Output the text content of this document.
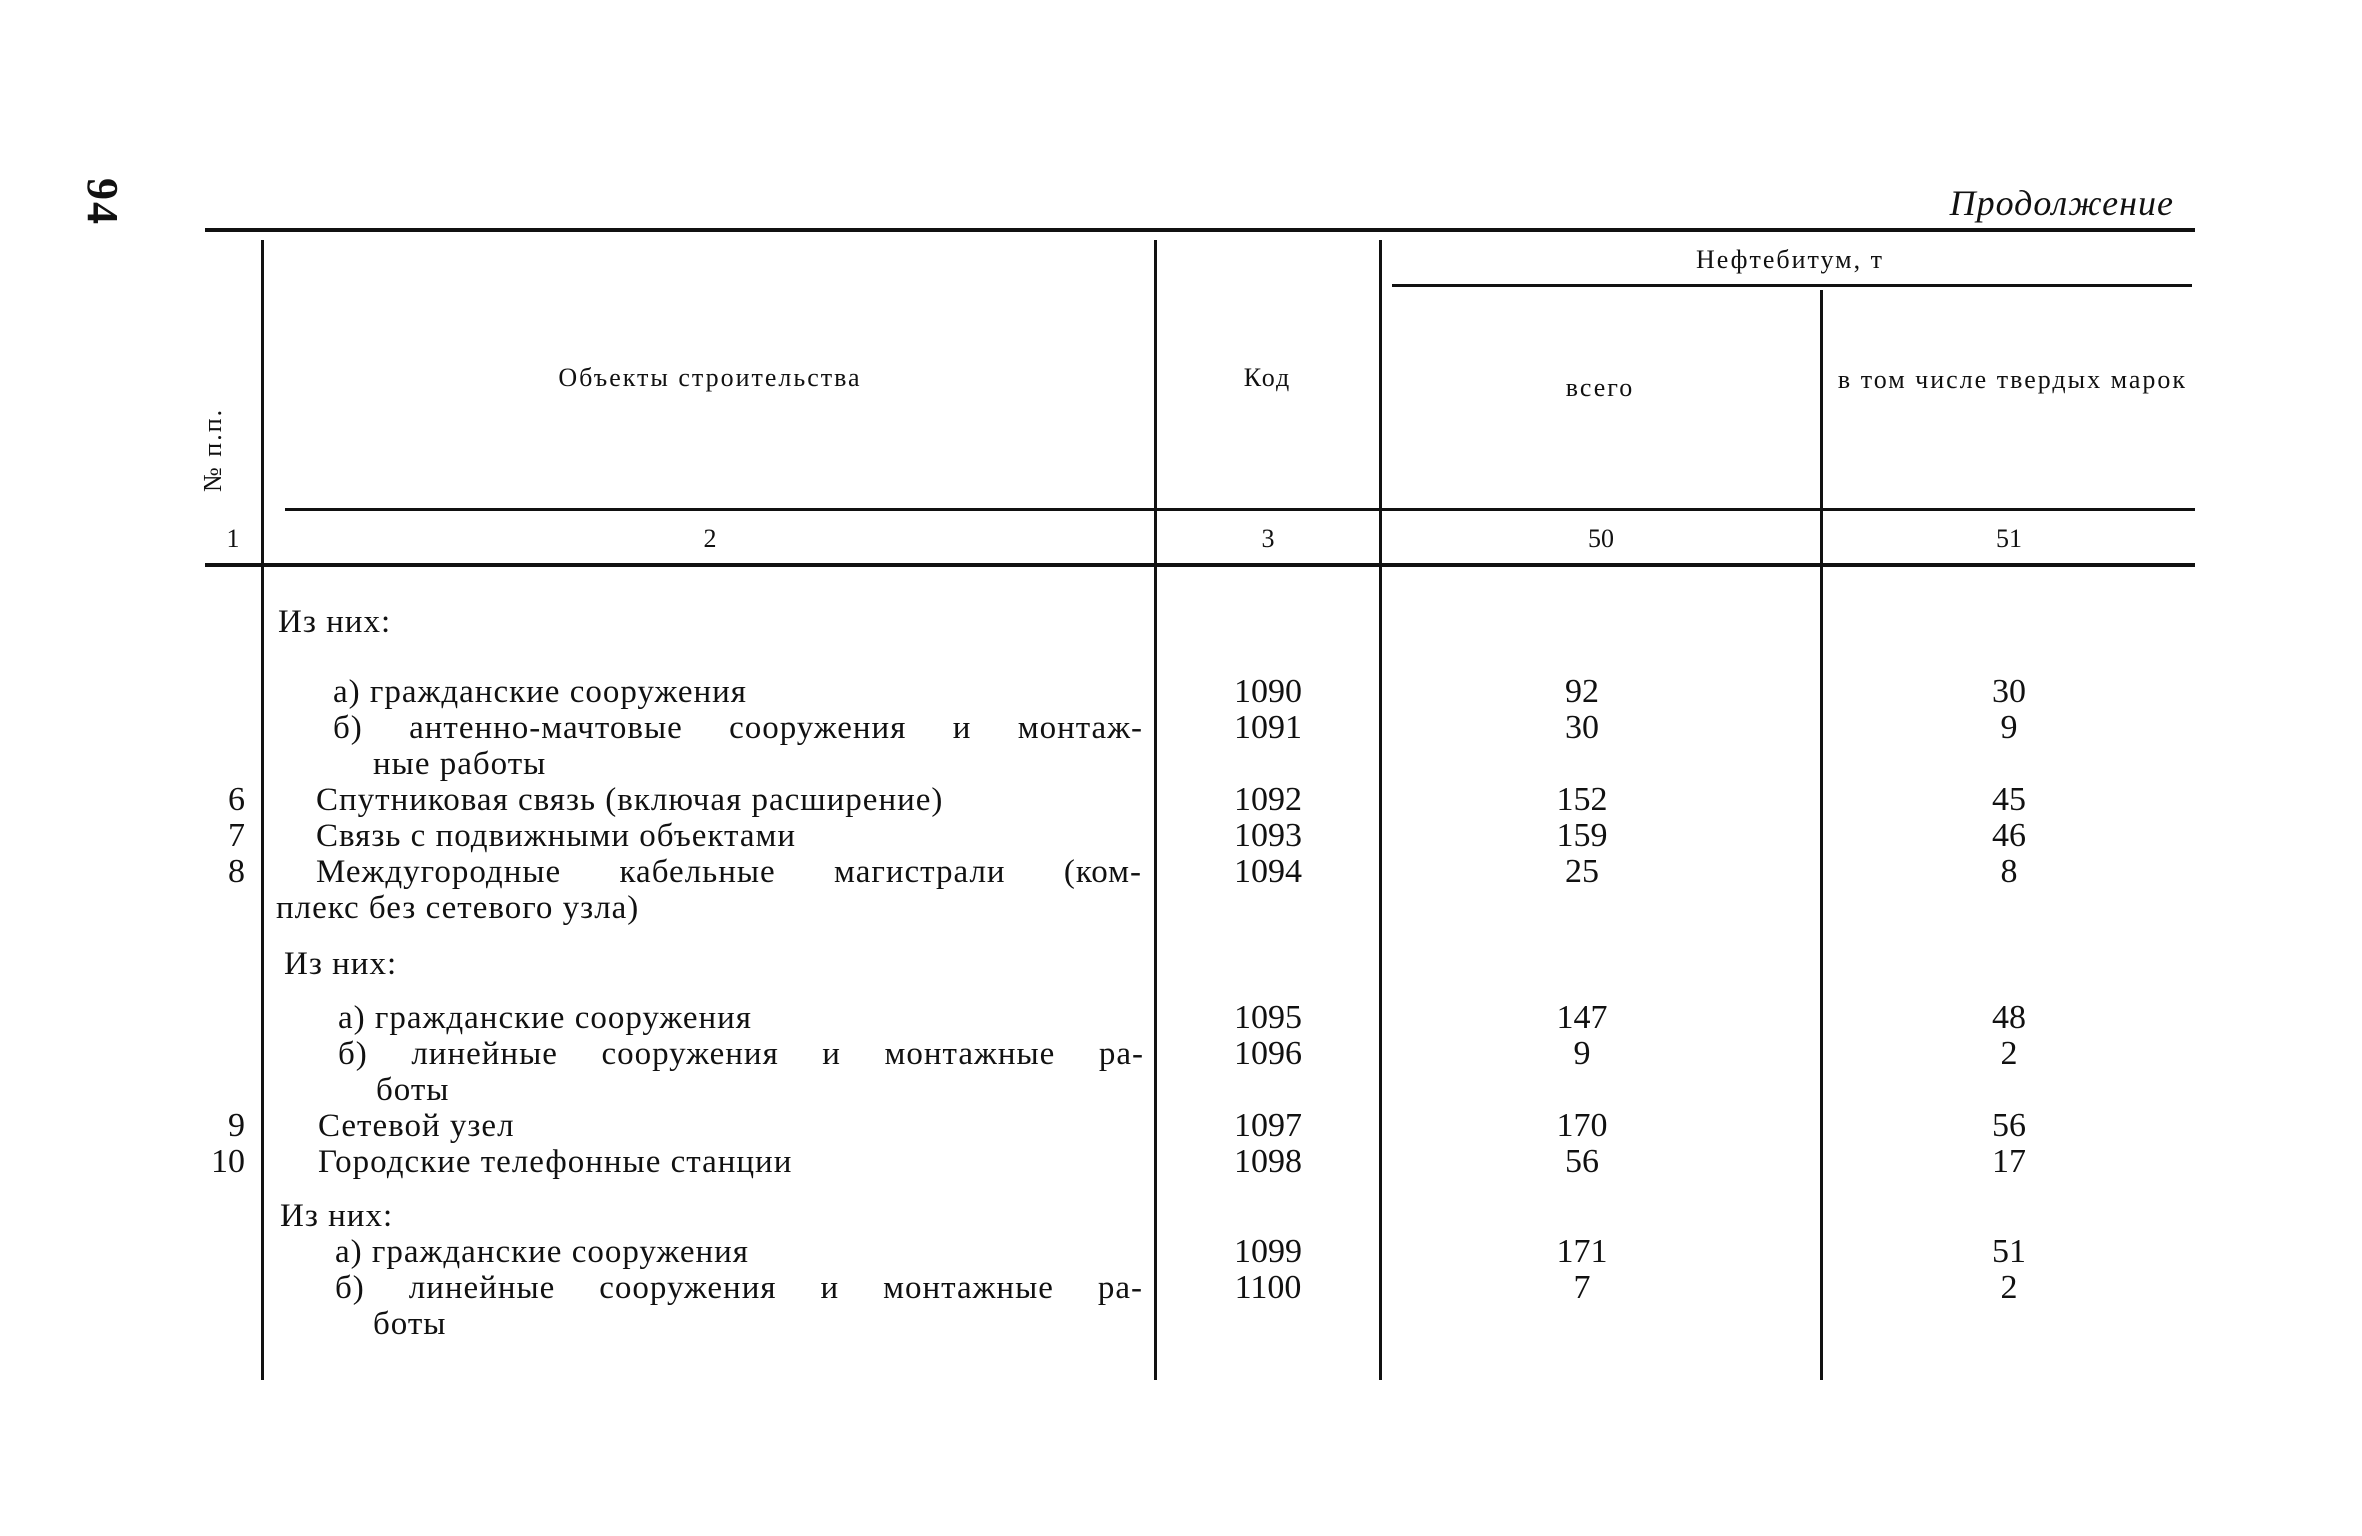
94	Продолжение
№ п.п.
Объекты строительства	Код
Нефтебитум, т
всего	в том числе твердых марок
1	2	3	50	51
Из них:
а) гражданские сооружения	1090	92	30
б) антенно-мачтовые сооружения и монтаж-
ные работы
1091	30	9
6 Спутниковая связь (включая расширение)	1092	152	45
7 Связь с подвижными объектами	1093	159	46
8 Междугородные кабельные магистрали (ком-
плекс без сетевого узла)
1094	25	8
Из них:
а) гражданские сооружения	1095	147	48
б) линейные сооружения и монтажные ра-
боты
1096	9	2
9 Сетевой узел	1097	170	56
10 Городские телефонные станции	1098	56	17
Из них:
а) гражданские сооружения	1099	171	51
б) линейные сооружения и монтажные ра-
боты
1100	7	2
